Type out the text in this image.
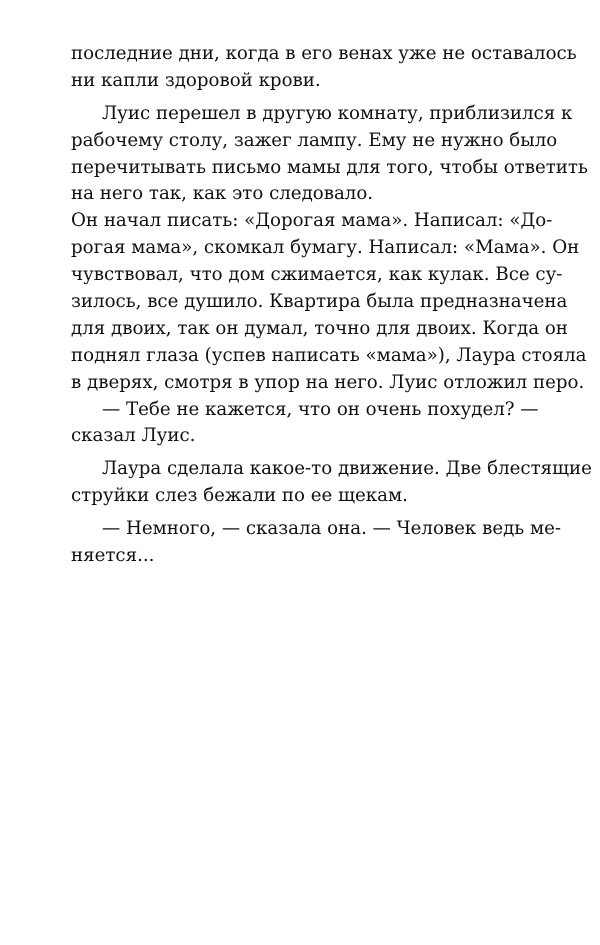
последние дни, когда в его венах уже не оставалось
ни капли здоровой крови.
Луис перешел в другую комнату, приблизился к
рабочему столу, зажег лампу. Ему не нужно было
перечитывать письмо мамы для того, чтобы ответить
на него так, как это следовало.
Он начал писать: «Дорогая мама». Написал: «До-
рогая мама», скомкал бумагу. Написал: «Мама». Он
чувствовал, что дом сжимается, как кулак. Все су-
зилось, все душило. Квартира была предназначена
для двоих, так он думал, точно для двоих. Когда он
поднял глаза (успев написать «мама»), Лаура стояла
в дверях, смотря в упор на него. Луис отложил перо.
— Тебе не кажется, что он очень похудел? —
сказал Луис.
Лаура сделала какое-то движение. Две блестящие
струйки слез бежали по ее щекам.
— Немного, — сказала она. — Человек ведь ме-
няется...
